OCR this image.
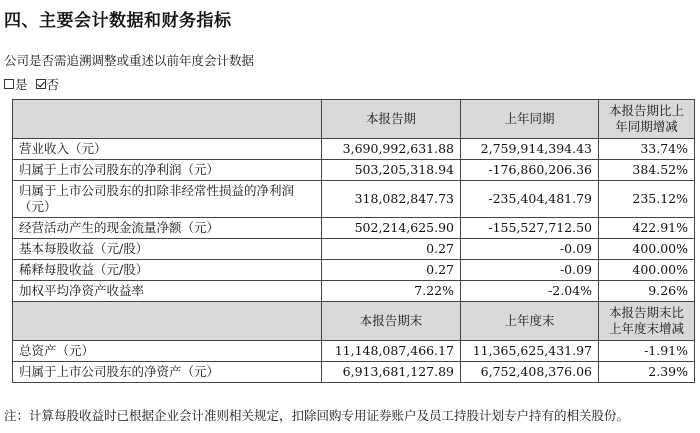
四、主要会计数据和财务指标
公司是否需追溯调整或重述以前年度会计数据
是 否
	本报告期	上年同期	本报告期比上年同期增减
营业收入（元）	3,690,992,631.88	2,759,914,394.43	33.74%
归属于上市公司股东的净利润（元）	503,205,318.94	-176,860,206.36	384.52%
归属于上市公司股东的扣除非经常性损益的净利润（元）	318,082,847.73	-235,404,481.79	235.12%
经营活动产生的现金流量净额（元）	502,214,625.90	-155,527,712.50	422.91%
基本每股收益（元/股）	0.27	-0.09	400.00%
稀释每股收益（元/股）	0.27	-0.09	400.00%
加权平均净资产收益率	7.22%	-2.04%	9.26%
	本报告期末	上年度末	本报告期末比上年度末增减
总资产（元）	11,148,087,466.17	11,365,625,431.97	-1.91%
归属于上市公司股东的净资产（元）	6,913,681,127.89	6,752,408,376.06	2.39%
注：计算每股收益时已根据企业会计准则相关规定，扣除回购专用证券账户及员工持股计划专户持有的相关股份。
